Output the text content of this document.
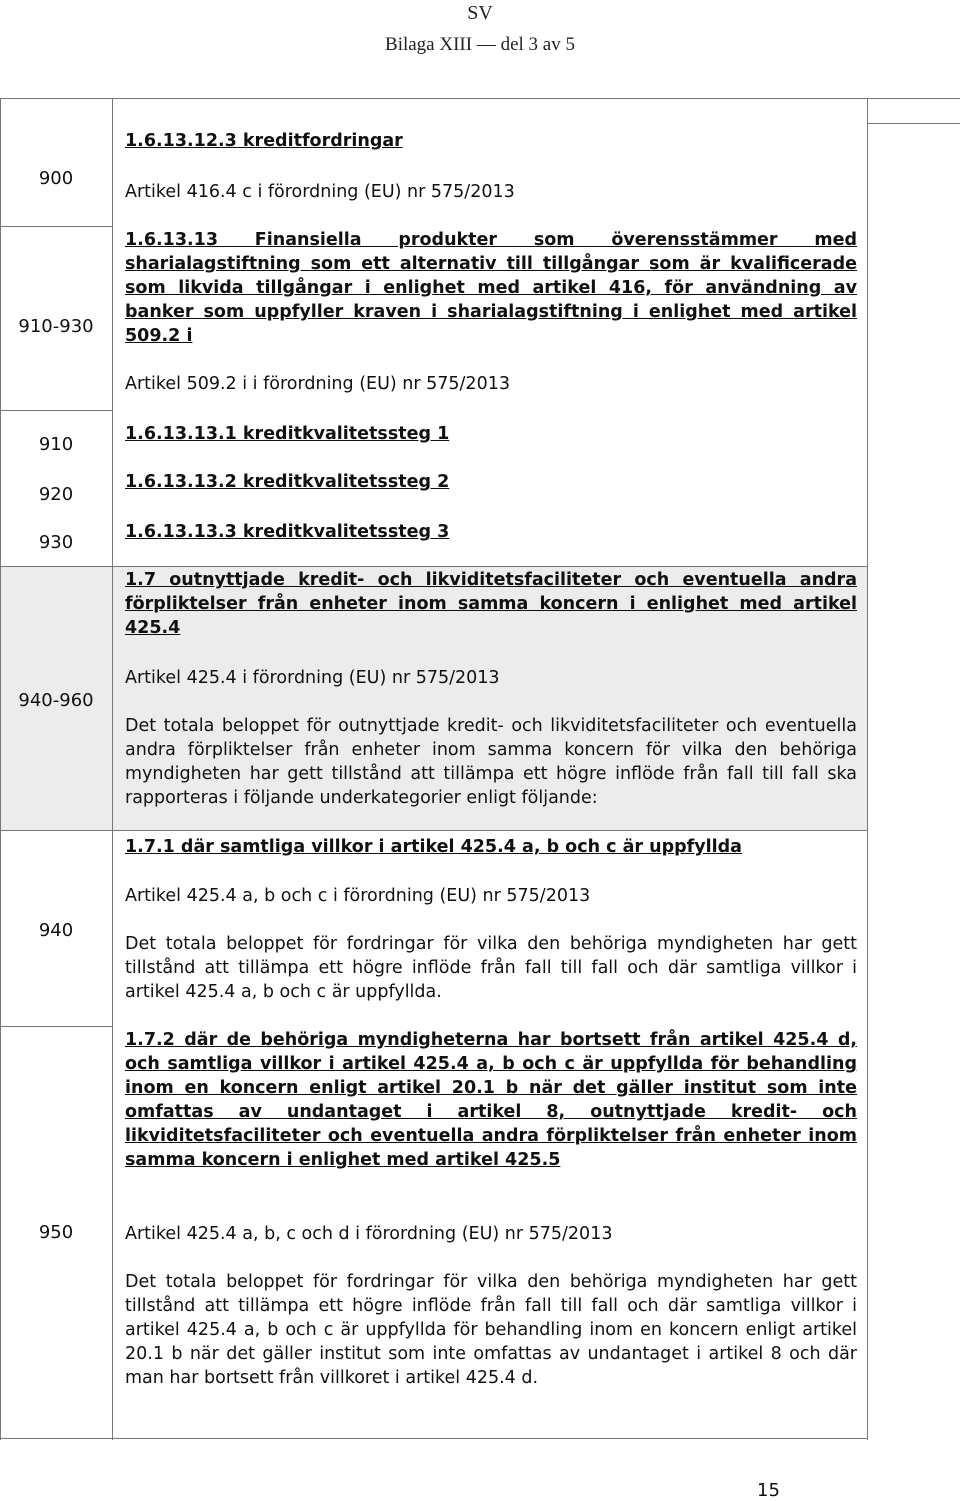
SV
Bilaga XIII — del 3 av 5
900
910-930
910
920
930
940-960
940
950
1.6.13.12.3 kreditfordringar
Artikel 416.4 c i förordning (EU) nr 575/2013
1.6.13.13 Finansiella produkter som överensstämmer med sharialagstiftning som ett alternativ till tillgångar som är kvalificerade som likvida tillgångar i enlighet med artikel 416, för användning av banker som uppfyller kraven i sharialagstiftning i enlighet med artikel 509.2 i
Artikel 509.2 i i förordning (EU) nr 575/2013
1.6.13.13.1 kreditkvalitetssteg 1
1.6.13.13.2 kreditkvalitetssteg 2
1.6.13.13.3 kreditkvalitetssteg 3
1.7 outnyttjade kredit- och likviditetsfaciliteter och eventuella andra förpliktelser från enheter inom samma koncern i enlighet med artikel 425.4
Artikel 425.4 i förordning (EU) nr 575/2013
Det totala beloppet för outnyttjade kredit- och likviditetsfaciliteter och eventuella andra förpliktelser från enheter inom samma koncern för vilka den behöriga myndigheten har gett tillstånd att tillämpa ett högre inflöde från fall till fall ska rapporteras i följande underkategorier enligt följande:
1.7.1 där samtliga villkor i artikel 425.4 a, b och c är uppfyllda
Artikel 425.4 a, b och c i förordning (EU) nr 575/2013
Det totala beloppet för fordringar för vilka den behöriga myndigheten har gett tillstånd att tillämpa ett högre inflöde från fall till fall och där samtliga villkor i artikel 425.4 a, b och c är uppfyllda.
1.7.2 där de behöriga myndigheterna har bortsett från artikel 425.4 d, och samtliga villkor i artikel 425.4 a, b och c är uppfyllda för behandling inom en koncern enligt artikel 20.1 b när det gäller institut som inte omfattas av undantaget i artikel 8, outnyttjade kredit- och likviditetsfaciliteter och eventuella andra förpliktelser från enheter inom samma koncern i enlighet med artikel 425.5
Artikel 425.4 a, b, c och d i förordning (EU) nr 575/2013
Det totala beloppet för fordringar för vilka den behöriga myndigheten har gett tillstånd att tillämpa ett högre inflöde från fall till fall och där samtliga villkor i artikel 425.4 a, b och c är uppfyllda för behandling inom en koncern enligt artikel 20.1 b när det gäller institut som inte omfattas av undantaget i artikel 8 och där man har bortsett från villkoret i artikel 425.4 d.
15
